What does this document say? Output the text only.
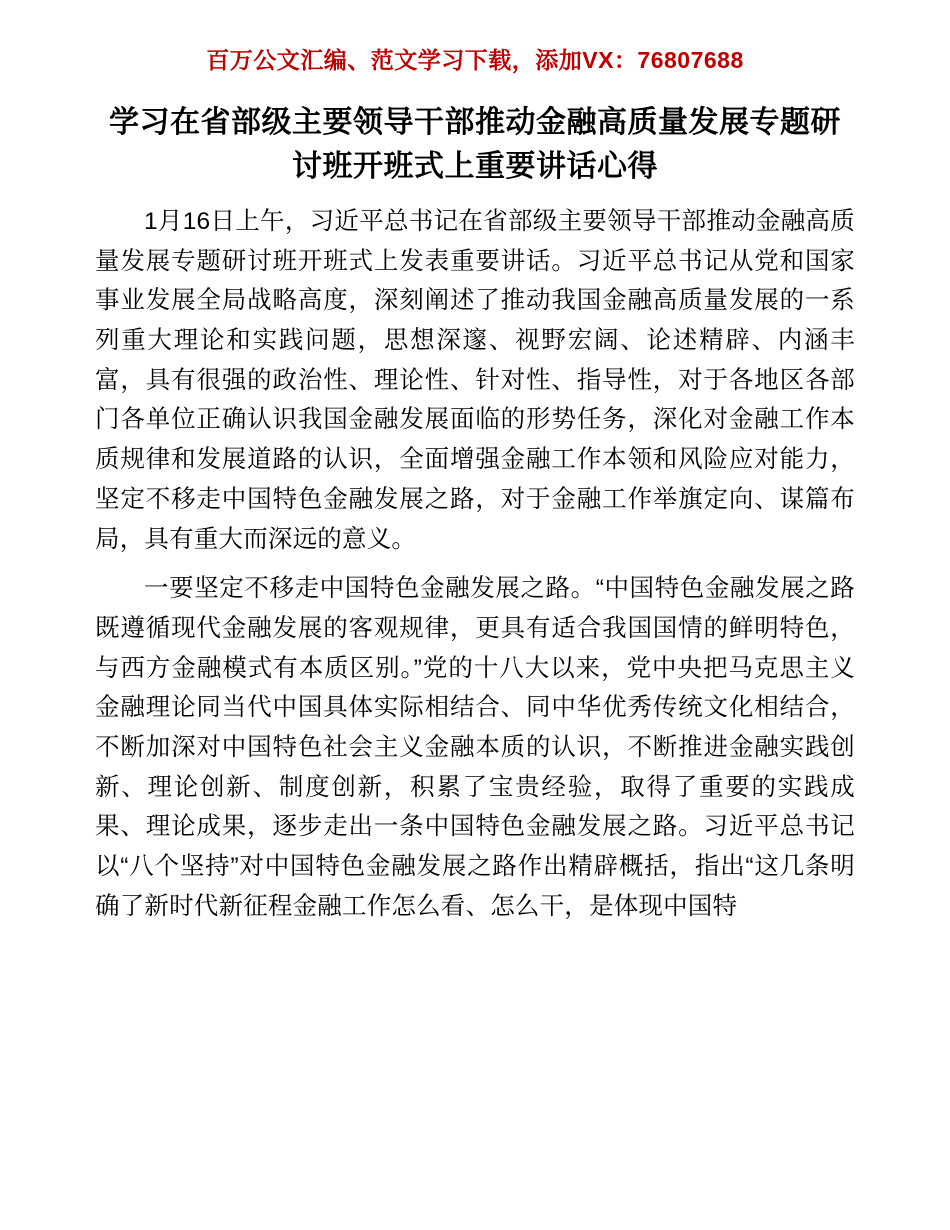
百万公文汇编、范文学习下载，添加VX：76807688
学习在省部级主要领导干部推动金融高质量发展专题研讨班开班式上重要讲话心得

1月16日上午，习近平总书记在省部级主要领导干部推动金融高质量发展专题研讨班开班式上发表重要讲话。习近平总书记从党和国家事业发展全局战略高度，深刻阐述了推动我国金融高质量发展的一系列重大理论和实践问题，思想深邃、视野宏阔、论述精辟、内涵丰富，具有很强的政治性、理论性、针对性、指导性，对于各地区各部门各单位正确认识我国金融发展面临的形势任务，深化对金融工作本质规律和发展道路的认识，全面增强金融工作本领和风险应对能力，坚定不移走中国特色金融发展之路，对于金融工作举旗定向、谋篇布局，具有重大而深远的意义。

一要坚定不移走中国特色金融发展之路。“中国特色金融发展之路既遵循现代金融发展的客观规律，更具有适合我国国情的鲜明特色，与西方金融模式有本质区别。”党的十八大以来，党中央把马克思主义金融理论同当代中国具体实际相结合、同中华优秀传统文化相结合，不断加深对中国特色社会主义金融本质的认识，不断推进金融实践创新、理论创新、制度创新，积累了宝贵经验，取得了重要的实践成果、理论成果，逐步走出一条中国特色金融发展之路。习近平总书记以“八个坚持”对中国特色金融发展之路作出精辟概括，指出“这几条明确了新时代新征程金融工作怎么看、怎么干，是体现中国特
